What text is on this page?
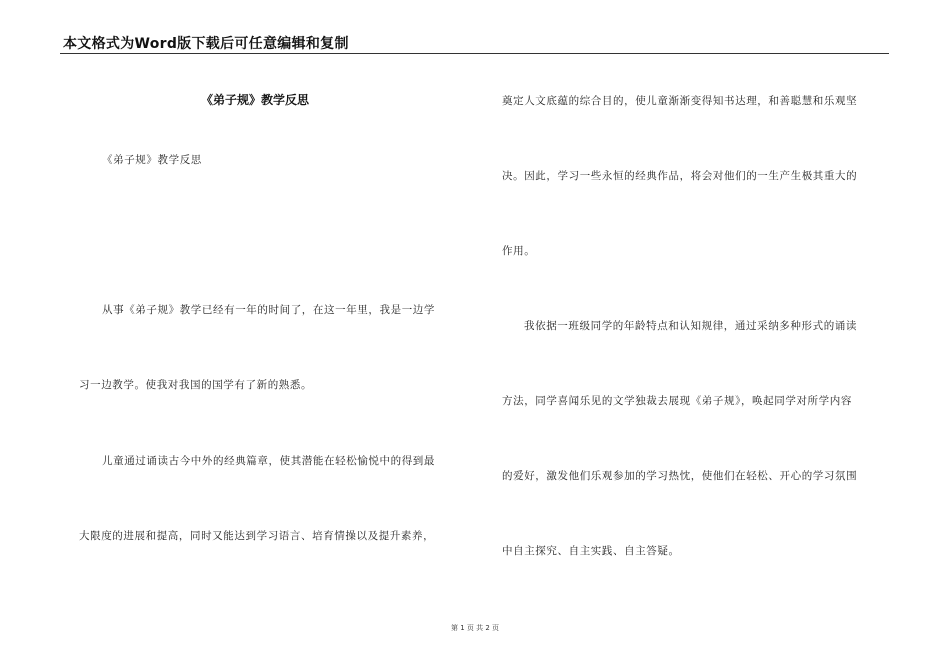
本文格式为Word版下载后可任意编辑和复制
《弟子规》教学反思
《弟子规》教学反思
从事《弟子规》教学已经有一年的时间了，在这一年里，我是一边学
习一边教学。使我对我国的国学有了新的熟悉。
儿童通过诵读古今中外的经典篇章，使其潜能在轻松愉悦中的得到最
大限度的进展和提高，同时又能达到学习语言、培育情操以及提升素养，
奠定人文底蕴的综合目的，使儿童渐渐变得知书达理，和善聪慧和乐观坚
决。因此，学习一些永恒的经典作品，将会对他们的一生产生极其重大的
作用。
我依据一班级同学的年龄特点和认知规律，通过采纳多种形式的诵读
方法，同学喜闻乐见的文学独裁去展现《弟子规》，唤起同学对所学内容
的爱好，激发他们乐观参加的学习热忱，使他们在轻松、开心的学习氛围
中自主探究、自主实践、自主答疑。
第 1 页 共 2 页
